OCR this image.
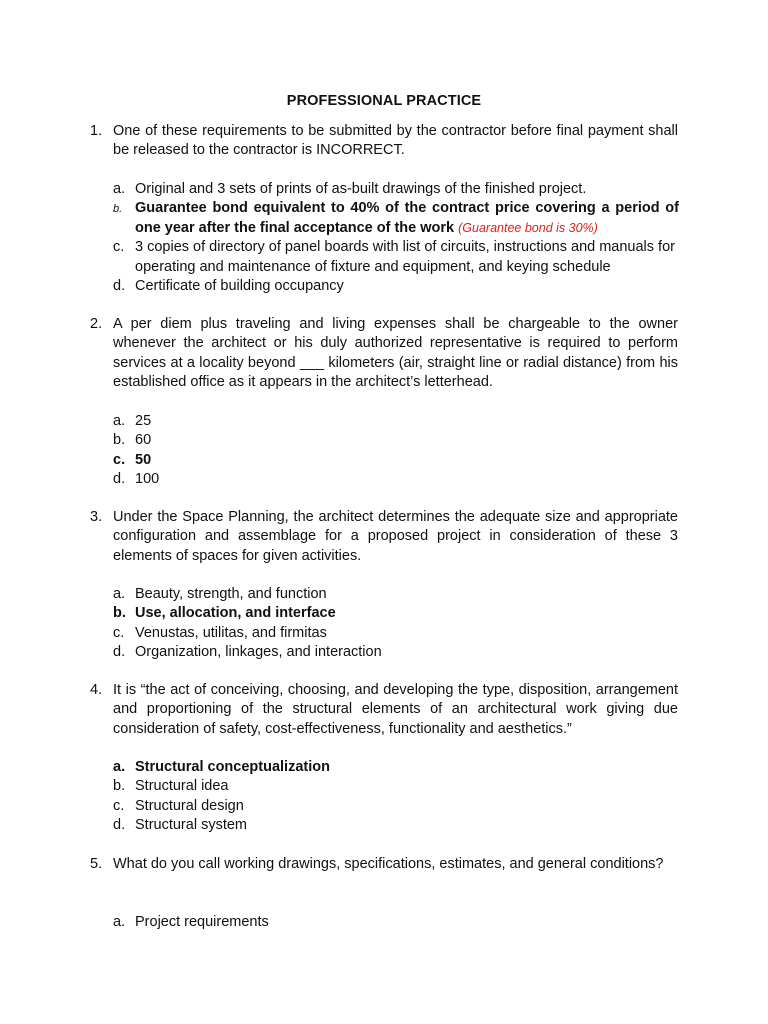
PROFESSIONAL PRACTICE
1. One of these requirements to be submitted by the contractor before final payment shall be released to the contractor is INCORRECT.
a. Original and 3 sets of prints of as-built drawings of the finished project.
b. Guarantee bond equivalent to 40% of the contract price covering a period of one year after the final acceptance of the work (Guarantee bond is 30%)
c. 3 copies of directory of panel boards with list of circuits, instructions and manuals for operating and maintenance of fixture and equipment, and keying schedule
d. Certificate of building occupancy
2. A per diem plus traveling and living expenses shall be chargeable to the owner whenever the architect or his duly authorized representative is required to perform services at a locality beyond ___ kilometers (air, straight line or radial distance) from his established office as it appears in the architect’s letterhead.
a. 25
b. 60
c. 50
d. 100
3. Under the Space Planning, the architect determines the adequate size and appropriate configuration and assemblage for a proposed project in consideration of these 3 elements of spaces for given activities.
a. Beauty, strength, and function
b. Use, allocation, and interface
c. Venustas, utilitas, and firmitas
d. Organization, linkages, and interaction
4. It is “the act of conceiving, choosing, and developing the type, disposition, arrangement and proportioning of the structural elements of an architectural work giving due consideration of safety, cost-effectiveness, functionality and aesthetics.”
a. Structural conceptualization
b. Structural idea
c. Structural design
d. Structural system
5. What do you call working drawings, specifications, estimates, and general conditions?
a. Project requirements
